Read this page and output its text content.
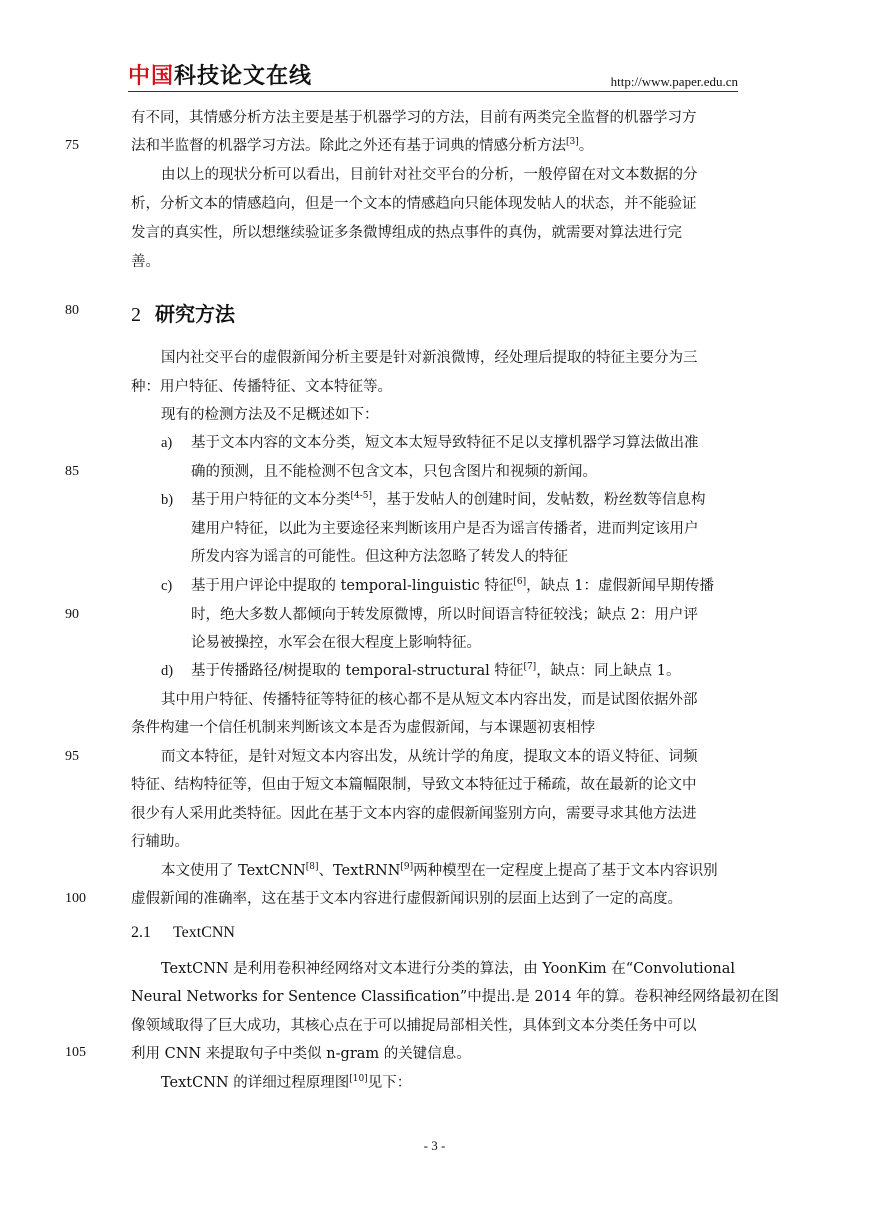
中国科技论文在线	http://www.paper.edu.cn
75
80
85
90
95
100
105
有不同，其情感分析方法主要是基于机器学习的方法，目前有两类完全监督的机器学习方
法和半监督的机器学习方法。除此之外还有基于词典的情感分析方法[3]。
由以上的现状分析可以看出，目前针对社交平台的分析，一般停留在对文本数据的分
析，分析文本的情感趋向，但是一个文本的情感趋向只能体现发帖人的状态，并不能验证
发言的真实性，所以想继续验证多条微博组成的热点事件的真伪，就需要对算法进行完
善。
2 研究方法
国内社交平台的虚假新闻分析主要是针对新浪微博，经处理后提取的特征主要分为三
种：用户特征、传播特征、文本特征等。
现有的检测方法及不足概述如下：
a) 基于文本内容的文本分类，短文本太短导致特征不足以支撑机器学习算法做出准
确的预测，且不能检测不包含文本，只包含图片和视频的新闻。
b) 基于用户特征的文本分类[4-5]，基于发帖人的创建时间，发帖数，粉丝数等信息构
建用户特征，以此为主要途径来判断该用户是否为谣言传播者，进而判定该用户
所发内容为谣言的可能性。但这种方法忽略了转发人的特征
c) 基于用户评论中提取的 temporal-linguistic 特征[6]，缺点 1：虚假新闻早期传播
时，绝大多数人都倾向于转发原微博，所以时间语言特征较浅；缺点 2：用户评
论易被操控，水军会在很大程度上影响特征。
d) 基于传播路径/树提取的 temporal-structural 特征[7]，缺点：同上缺点 1。
其中用户特征、传播特征等特征的核心都不是从短文本内容出发，而是试图依据外部
条件构建一个信任机制来判断该文本是否为虚假新闻，与本课题初衷相悖
而文本特征，是针对短文本内容出发，从统计学的角度，提取文本的语义特征、词频
特征、结构特征等，但由于短文本篇幅限制，导致文本特征过于稀疏，故在最新的论文中
很少有人采用此类特征。因此在基于文本内容的虚假新闻鉴别方向，需要寻求其他方法进
行辅助。
本文使用了 TextCNN[8]、TextRNN[9]两种模型在一定程度上提高了基于文本内容识别
虚假新闻的准确率，这在基于文本内容进行虚假新闻识别的层面上达到了一定的高度。
2.1 TextCNN
TextCNN 是利用卷积神经网络对文本进行分类的算法，由 YoonKim 在“Convolutional
Neural Networks for Sentence Classification”中提出.是 2014 年的算。卷积神经网络最初在图
像领域取得了巨大成功，其核心点在于可以捕捉局部相关性，具体到文本分类任务中可以
利用 CNN 来提取句子中类似 n-gram 的关键信息。
TextCNN 的详细过程原理图[10]见下：
- 3 -
